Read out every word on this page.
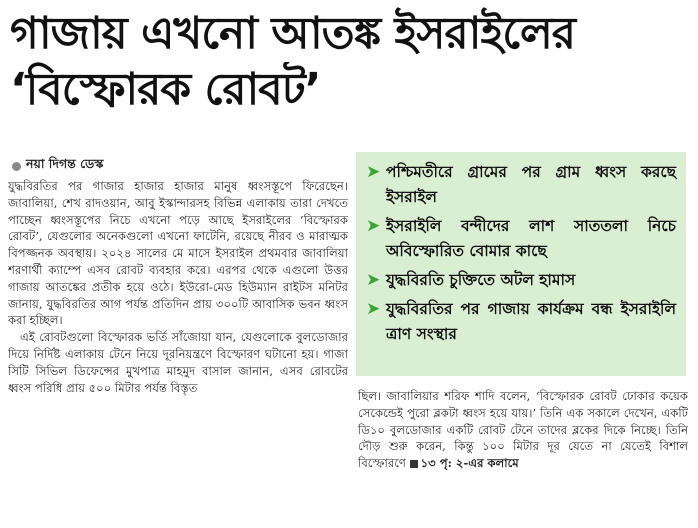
গাজায় এখনো আতঙ্ক ইসরাইলের
‘বিস্ফোরক রোবট’
নয়া দিগন্ত ডেস্ক

যুদ্ধবিরতির পর গাজার হাজার হাজার মানুষ ধ্বংসস্তূপে ফিরেছেন। জাবালিয়া, শেখ রাদওয়ান, আবু ইস্কান্দারসহ বিভিন্ন এলাকায় তারা দেখতে পাচ্ছেন ধ্বংসস্তূপের নিচে এখনো পড়ে আছে ইসরাইলের ‘বিস্ফোরক রোবট’, যেগুলোর অনেকগুলো এখনো ফাটেনি, রয়েছে নীরব ও মারাত্মক বিপজ্জনক অবস্থায়। ২০২৪ সালের মে মাসে ইসরাইল প্রথমবার জাবালিয়া শরণার্থী ক্যাম্পে এসব রোবট ব্যবহার করে। এরপর থেকে এগুলো উত্তর গাজায় আতঙ্কের প্রতীক হয়ে ওঠে। ইউরো-মেড হিউম্যান রাইটস মনিটর জানায়, যুদ্ধবিরতির আগ পর্যন্ত প্রতিদিন প্রায় ৩০০টি আবাসিক ভবন ধ্বংস করা হচ্ছিল।

এই রোবটগুলো বিস্ফোরক ভর্তি সাঁজোয়া যান, যেগুলোকে বুলডোজার দিয়ে নির্দিষ্ট এলাকায় টেনে নিয়ে দূরনিয়ন্ত্রণে বিস্ফোরণ ঘটানো হয়। গাজা সিটি সিভিল ডিফেন্সের মুখপাত্র মাহমুদ বাসাল জানান, এসব রোবটের ধ্বংস পরিধি প্রায় ৫০০ মিটার পর্যন্ত বিস্তৃত

➤ পশ্চিমতীরে গ্রামের পর গ্রাম ধ্বংস করছে ইসরাইল
➤ ইসরাইলি বন্দীদের লাশ সাততলা নিচে অবিস্ফোরিত বোমার কাছে
➤ যুদ্ধবিরতি চুক্তিতে অটল হামাস
➤ যুদ্ধবিরতির পর গাজায় কার্যক্রম বন্ধ ইসরাইলি ত্রাণ সংস্থার

ছিল। জাবালিয়ার শরিফ শাদি বলেন, ‘বিস্ফোরক রোবট ঢোকার কয়েক সেকেন্ডেই পুরো ব্লকটা ধ্বংস হয়ে যায়।’ তিনি এক সকালে দেখেন, একটি ডি১০ বুলডোজার একটি রোবট টেনে তাদের ব্লকের দিকে নিচ্ছে। তিনি দৌড় শুরু করেন, কিন্তু ১০০ মিটার দূর যেতে না যেতেই বিশাল বিস্ফোরণে ১৩ পৃ: ২-এর কলামে
